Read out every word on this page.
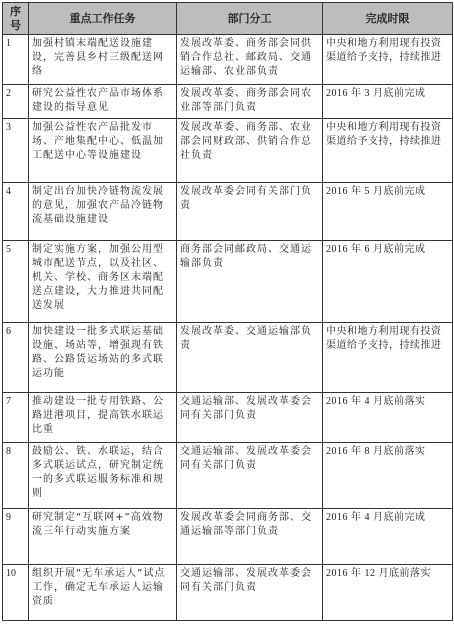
序号	重点工作任务	部门分工	完成时限
1	加强村镇末端配送设施建设，完善县乡村三级配送网络	发展改革委、商务部会同供销合作总社、邮政局、交通运输部、农业部负责	中央和地方利用现有投资渠道给予支持，持续推进
2	研究公益性农产品市场体系建设的指导意见	发展改革委、商务部会同农业部等部门负责	2016 年 3 月底前完成
3	加强公益性农产品批发市场、产地集配中心、低温加工配送中心等设施建设	发展改革委、商务部、农业部会同财政部、供销合作总社负责	中央和地方利用现有投资渠道给予支持，持续推进
4	制定出台加快冷链物流发展的意见，加强农产品冷链物流基础设施建设	发展改革委会同有关部门负责	2016 年 5 月底前完成
5	制定实施方案，加强公用型城市配送节点，以及社区、机关、学校、商务区末端配送点建设，大力推进共同配送发展	商务部会同邮政局、交通运输部负责	2016 年 6 月底前完成
6	加快建设一批多式联运基础设施、场站等，增强现有铁路、公路货运场站的多式联运功能	发展改革委、交通运输部负责	中央和地方利用现有投资渠道给予支持，持续推进
7	推动建设一批专用铁路、公路进港项目，提高铁水联运比重	交通运输部、发展改革委会同有关部门负责	2016 年 4 月底前落实
8	鼓励公、铁、水联运，结合多式联运试点，研究制定统一的多式联运服务标准和规则	交通运输部、发展改革委会同有关部门负责	2016 年 8 月底前落实
9	研究制定“互联网+”高效物流三年行动实施方案	发展改革委会同商务部、交通运输部等部门负责	2016 年 4 月底前完成
10	组织开展“无车承运人”试点工作，确定无车承运人运输资质	交通运输部、发展改革委会同有关部门负责	2016 年 12 月底前落实
